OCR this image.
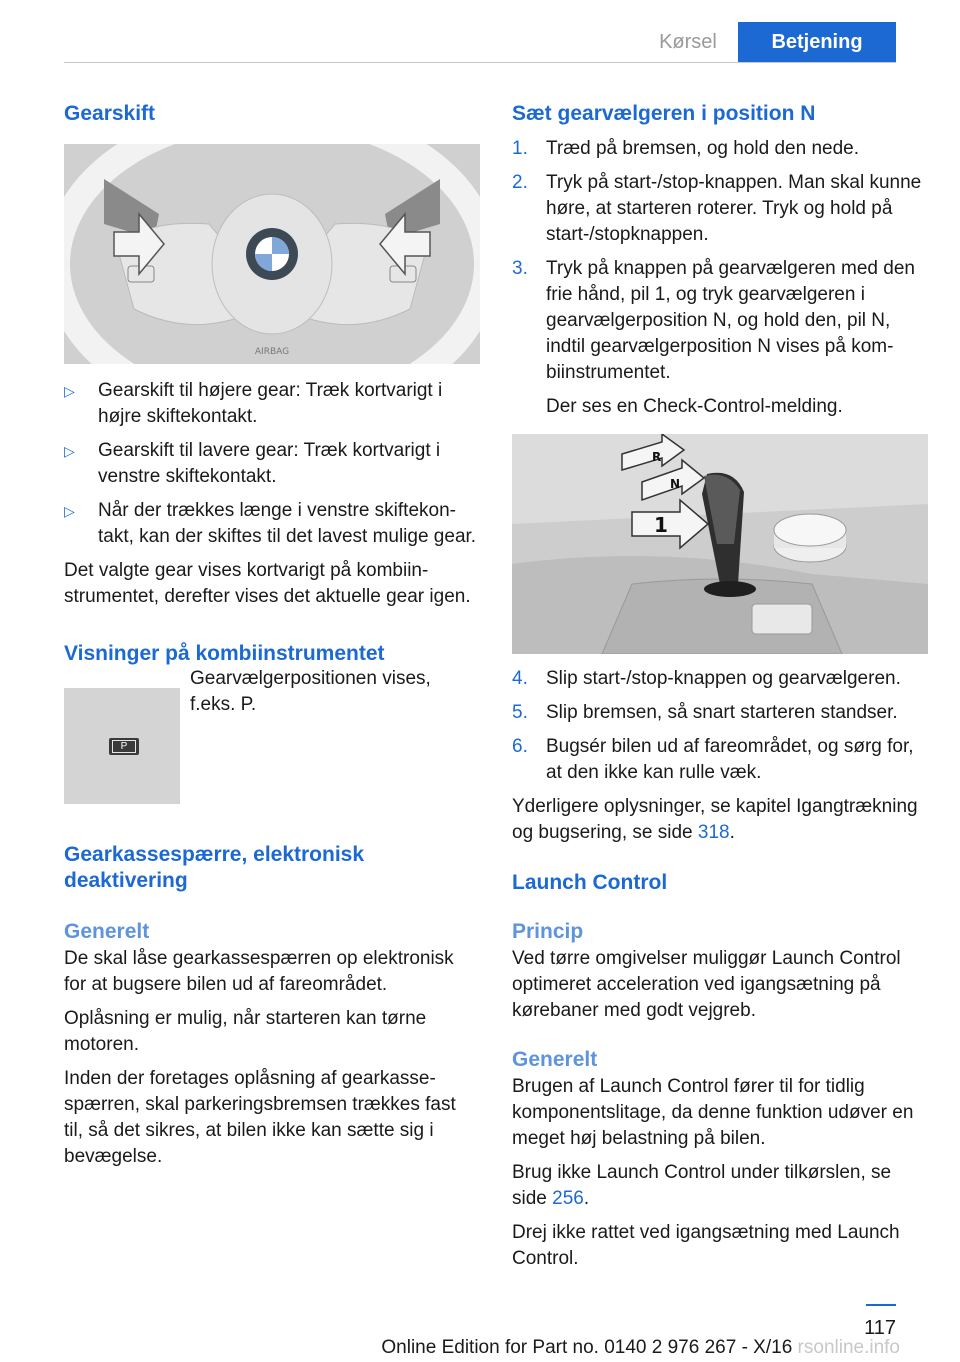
Kørsel	Betjening
Gearskift
AIRBAG
▷ Gearskift til højere gear: Træk kortvarigt i højre skiftekontakt.
▷ Gearskift til lavere gear: Træk kortvarigt i venstre skiftekontakt.
▷ Når der trækkes længe i venstre skiftekontakt, kan der skiftes til det lavest mulige gear.

Det valgte gear vises kortvarigt på kombiinstrumentet, derefter vises det aktuelle gear igen.

Visninger på kombiinstrumentet
P

Gearvælgerpositionen vises, f.eks. P.

Gearkassespærre, elektronisk deaktivering
Generelt

De skal låse gearkassespærren op elektronisk for at bugsere bilen ud af fareområdet.

Oplåsning er mulig, når starteren kan tørne motoren.

Inden der foretages oplåsning af gearkassespærren, skal parkeringsbremsen trækkes fast til, så det sikres, at bilen ikke kan sætte sig i bevægelse.

Sæt gearvælgeren i position N
1. Træd på bremsen, og hold den nede.
2. Tryk på start-/stop-knappen. Man skal kunne høre, at starteren roterer. Tryk og hold på start-/stopknappen.
3. Tryk på knappen på gearvælgeren med den frie hånd, pil 1, og tryk gearvælgeren i gearvælgerposition N, og hold den, pil N, indtil gearvælgerposition N vises på kombiinstrumentet.
Der ses en Check-Control-melding.
R
N
1
4. Slip start-/stop-knappen og gearvælgeren.
5. Slip bremsen, så snart starteren standser.
6. Bugsér bilen ud af fareområdet, og sørg for, at den ikke kan rulle væk.

Yderligere oplysninger, se kapitel Igangtrækning og bugsering, se side 318.

Launch Control
Princip

Ved tørre omgivelser muliggør Launch Control optimeret acceleration ved igangsætning på kørebaner med godt vejgreb.

Generelt

Brugen af Launch Control fører til for tidlig komponentslitage, da denne funktion udøver en meget høj belastning på bilen.

Brug ikke Launch Control under tilkørslen, se side 256.

Drej ikke rattet ved igangsætning med Launch Control.

117
Online Edition for Part no. 0140 2 976 267 - X/16 rsonline.info
